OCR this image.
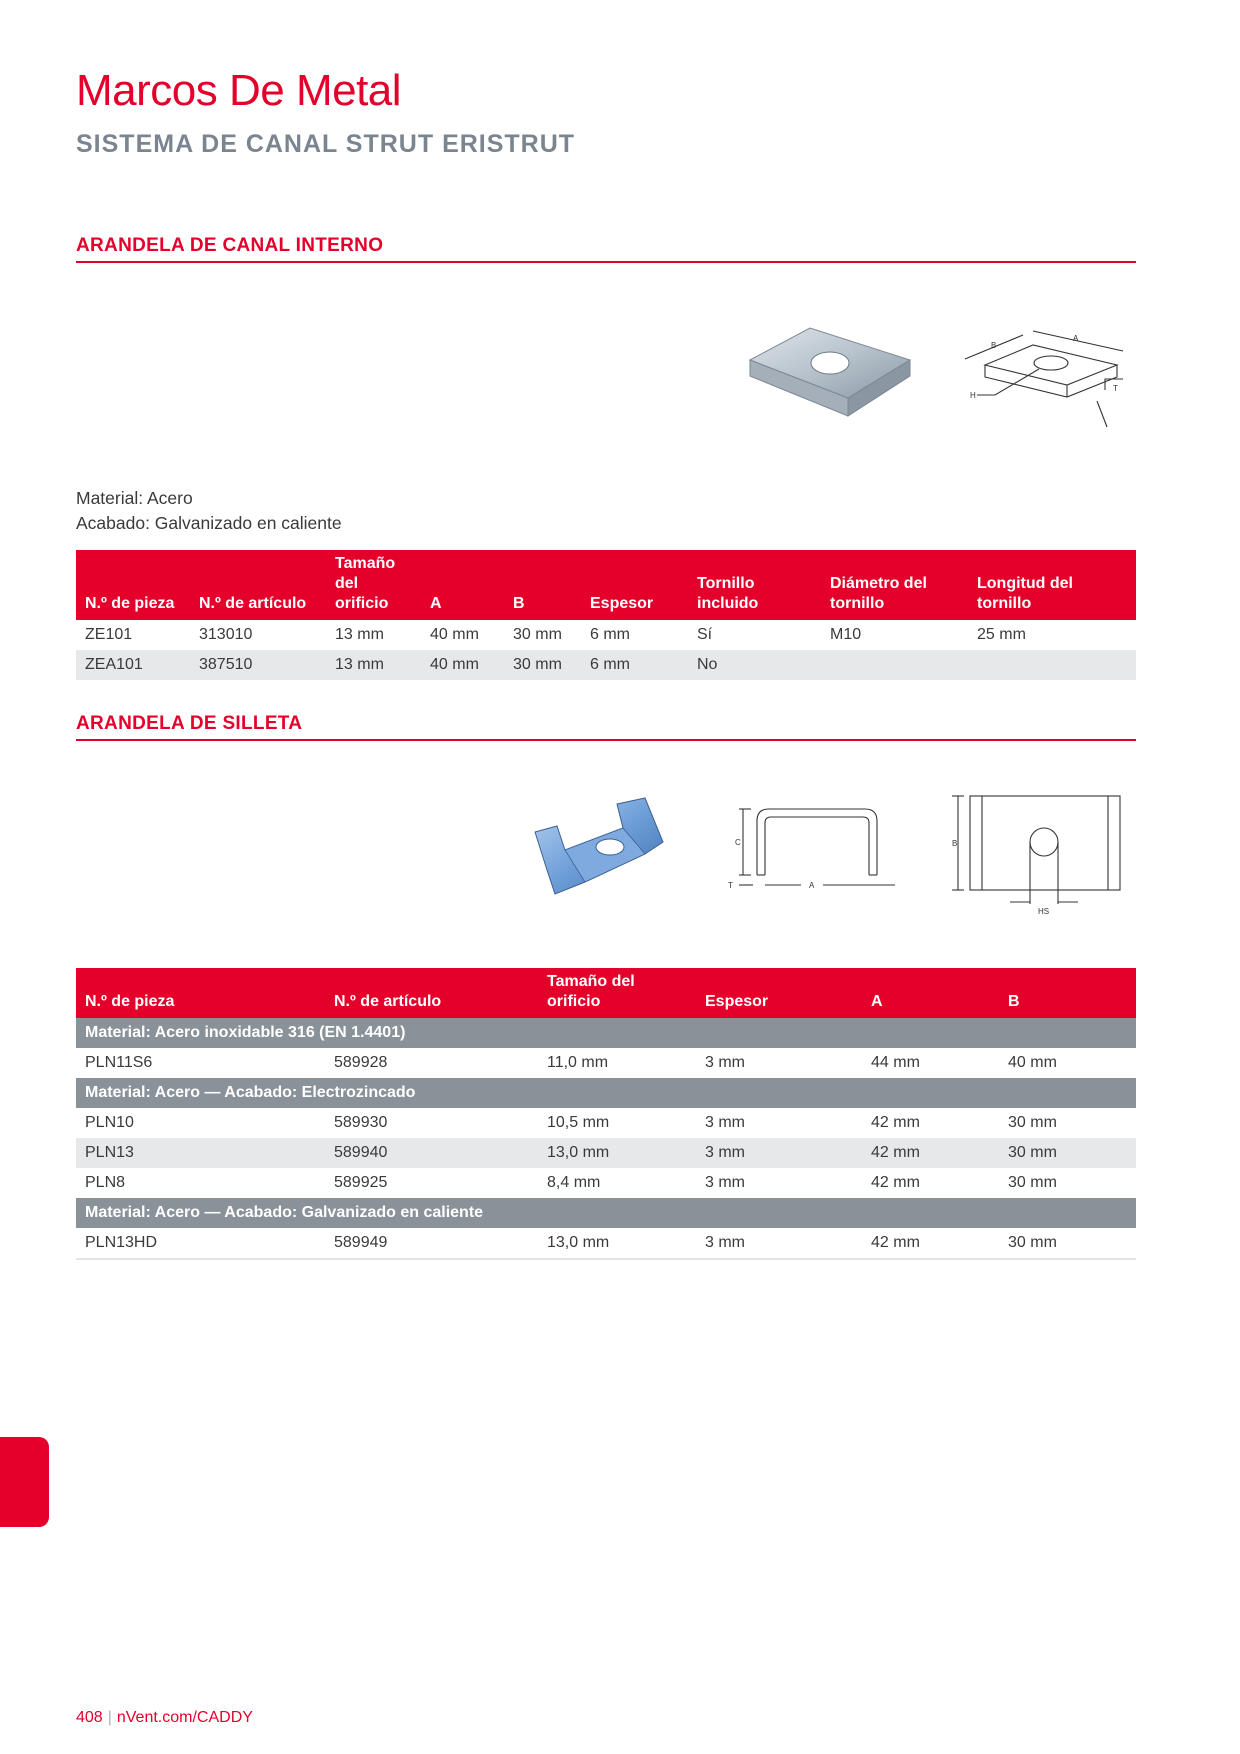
Marcos De Metal
SISTEMA DE CANAL STRUT ERISTRUT
ARANDELA DE CANAL INTERNO
B
A
H
T
Material: Acero
Acabado: Galvanizado en caliente
N.º de pieza	N.º de artículo	Tamaño del orificio	A	B	Espesor	Tornillo incluido	Diámetro del tornillo	Longitud del tornillo
ZE101	313010	13 mm	40 mm	30 mm	6 mm	Sí	M10	25 mm
ZEA101	387510	13 mm	40 mm	30 mm	6 mm	No		
ARANDELA DE SILLETA
C
T	A
B
HS
N.º de pieza	N.º de artículo	Tamaño del orificio	Espesor	A	B
Material: Acero inoxidable 316 (EN 1.4401)					
PLN11S6	589928	11,0 mm	3 mm	44 mm	40 mm
Material: Acero — Acabado: Electrozincado					
PLN10	589930	10,5 mm	3 mm	42 mm	30 mm
PLN13	589940	13,0 mm	3 mm	42 mm	30 mm
PLN8	589925	8,4 mm	3 mm	42 mm	30 mm
Material: Acero — Acabado: Galvanizado en caliente					
PLN13HD	589949	13,0 mm	3 mm	42 mm	30 mm
408 | nVent.com/CADDY
